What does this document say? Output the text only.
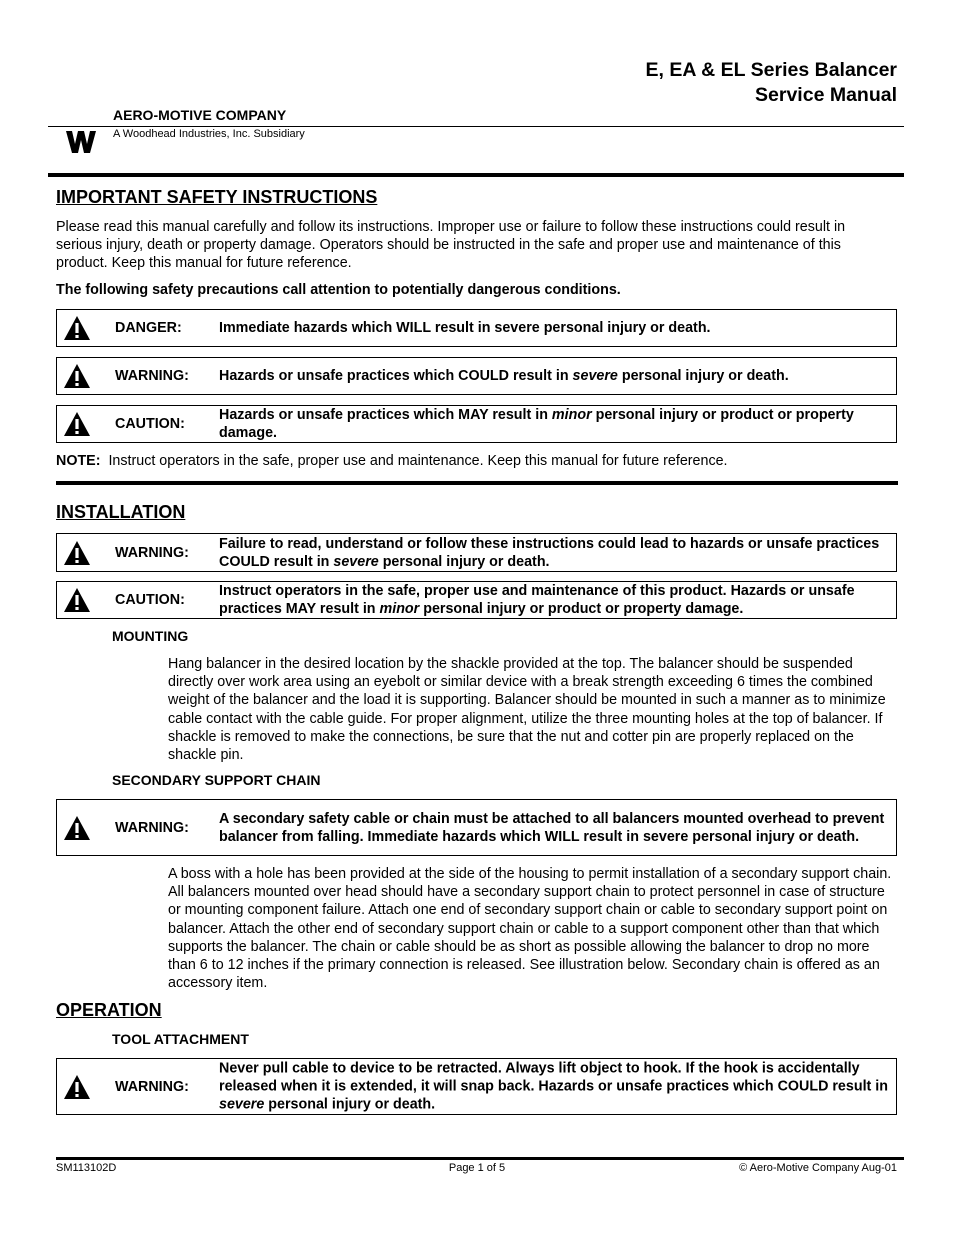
E, EA & EL Series Balancer
Service Manual
AERO-MOTIVE COMPANY
A Woodhead Industries, Inc. Subsidiary
IMPORTANT SAFETY INSTRUCTIONS
Please read this manual carefully and follow its instructions. Improper use or failure to follow these instructions could result in serious injury, death or property damage. Operators should be instructed in the safe and proper use and maintenance of this product. Keep this manual for future reference.
The following safety precautions call attention to potentially dangerous conditions.
DANGER:	Immediate hazards which WILL result in severe personal injury or death.
WARNING: Hazards or unsafe practices which COULD result in severe personal injury or death.
CAUTION:
Hazards or unsafe practices which MAY result in minor personal injury or product or property damage.
NOTE: Instruct operators in the safe, proper use and maintenance. Keep this manual for future reference.
INSTALLATION
WARNING:
Failure to read, understand or follow these instructions could lead to hazards or unsafe practices COULD result in severe personal injury or death.
CAUTION:
Instruct operators in the safe, proper use and maintenance of this product. Hazards or unsafe practices MAY result in minor personal injury or product or property damage.
MOUNTING
Hang balancer in the desired location by the shackle provided at the top. The balancer should be suspended directly over work area using an eyebolt or similar device with a break strength exceeding 6 times the combined weight of the balancer and the load it is supporting. Balancer should be mounted in such a manner as to minimize cable contact with the cable guide. For proper alignment, utilize the three mounting holes at the top of balancer. If shackle is removed to make the connections, be sure that the nut and cotter pin are properly replaced on the shackle pin.
SECONDARY SUPPORT CHAIN
WARNING:
A secondary safety cable or chain must be attached to all balancers mounted overhead to prevent balancer from falling. Immediate hazards which WILL result in severe personal injury or death.
A boss with a hole has been provided at the side of the housing to permit installation of a secondary support chain. All balancers mounted over head should have a secondary support chain to protect personnel in case of structure or mounting component failure. Attach one end of secondary support chain or cable to secondary support point on balancer. Attach the other end of secondary support chain or cable to a support component other than that which supports the balancer. The chain or cable should be as short as possible allowing the balancer to drop no more than 6 to 12 inches if the primary connection is released. See illustration below. Secondary chain is offered as an accessory item.
OPERATION
TOOL ATTACHMENT
WARNING:
Never pull cable to device to be retracted. Always lift object to hook. If the hook is accidentally released when it is extended, it will snap back. Hazards or unsafe practices which COULD result in severe personal injury or death.
SM113102D	Page 1 of 5	© Aero-Motive Company Aug-01
